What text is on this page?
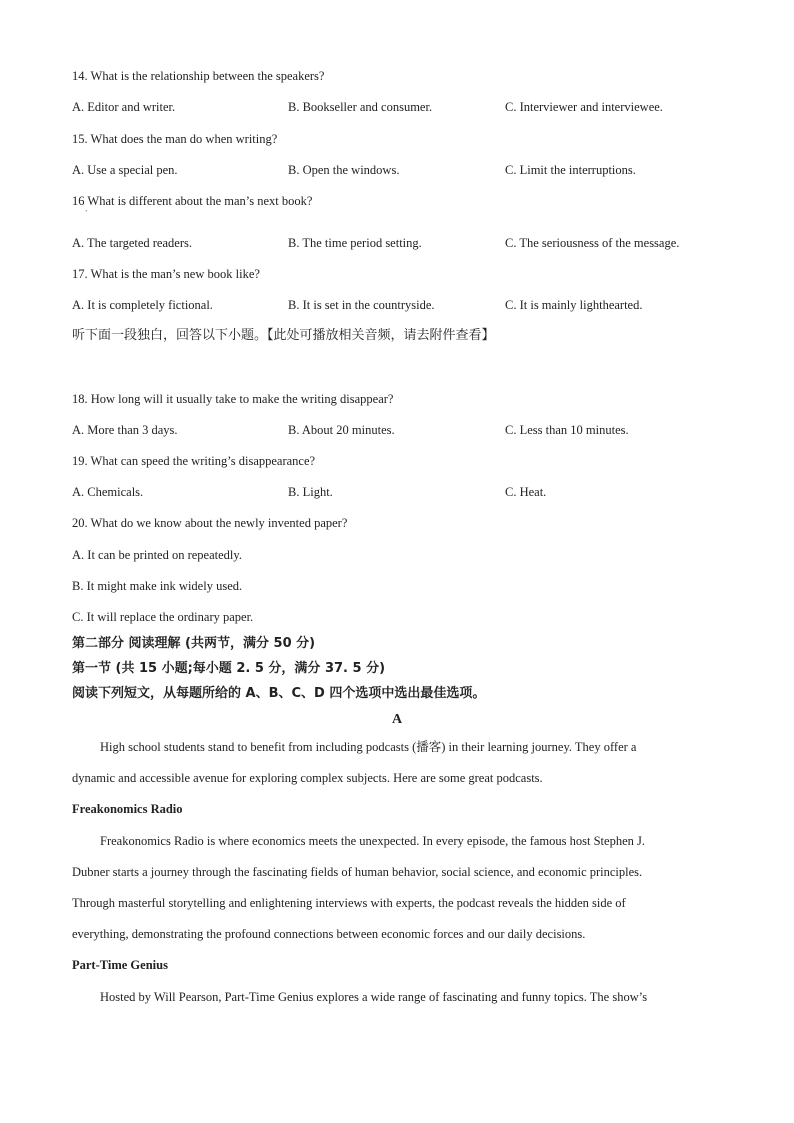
14. What is the relationship between the speakers?
A. Editor and writer.	B. Bookseller and consumer.	C. Interviewer and interviewee.
15. What does the man do when writing?
A. Use a special pen.	B. Open the windows.	C. Limit the interruptions.
16 What is different about the man’s next book?
ˋ
A. The targeted readers.	B. The time period setting.	C. The seriousness of the message.
17. What is the man’s new book like?
A. It is completely fictional.	B. It is set in the countryside.	C. It is mainly lighthearted.
听下面一段独白，回答以下小题。【此处可播放相关音频，请去附件查看】
18. How long will it usually take to make the writing disappear?
A. More than 3 days.	B. About 20 minutes.	C. Less than 10 minutes.
19. What can speed the writing’s disappearance?
A. Chemicals.	B. Light.	C. Heat.
20. What do we know about the newly invented paper?
A. It can be printed on repeatedly.
B. It might make ink widely used.
C. It will replace the ordinary paper.
第二部分 阅读理解 (共两节，满分 50 分)
第一节 (共 15 小题;每小题 2. 5 分，满分 37. 5 分)
阅读下列短文，从每题所给的 A、B、C、D 四个选项中选出最佳选项。
A
High school students stand to benefit from including podcasts (播客) in their learning journey. They offer a
dynamic and accessible avenue for exploring complex subjects. Here are some great podcasts.
Freakonomics Radio
Freakonomics Radio is where economics meets the unexpected. In every episode, the famous host Stephen J.
Dubner starts a journey through the fascinating fields of human behavior, social science, and economic principles.
Through masterful storytelling and enlightening interviews with experts, the podcast reveals the hidden side of
everything, demonstrating the profound connections between economic forces and our daily decisions.
Part-Time Genius
Hosted by Will Pearson, Part-Time Genius explores a wide range of fascinating and funny topics. The show’s
